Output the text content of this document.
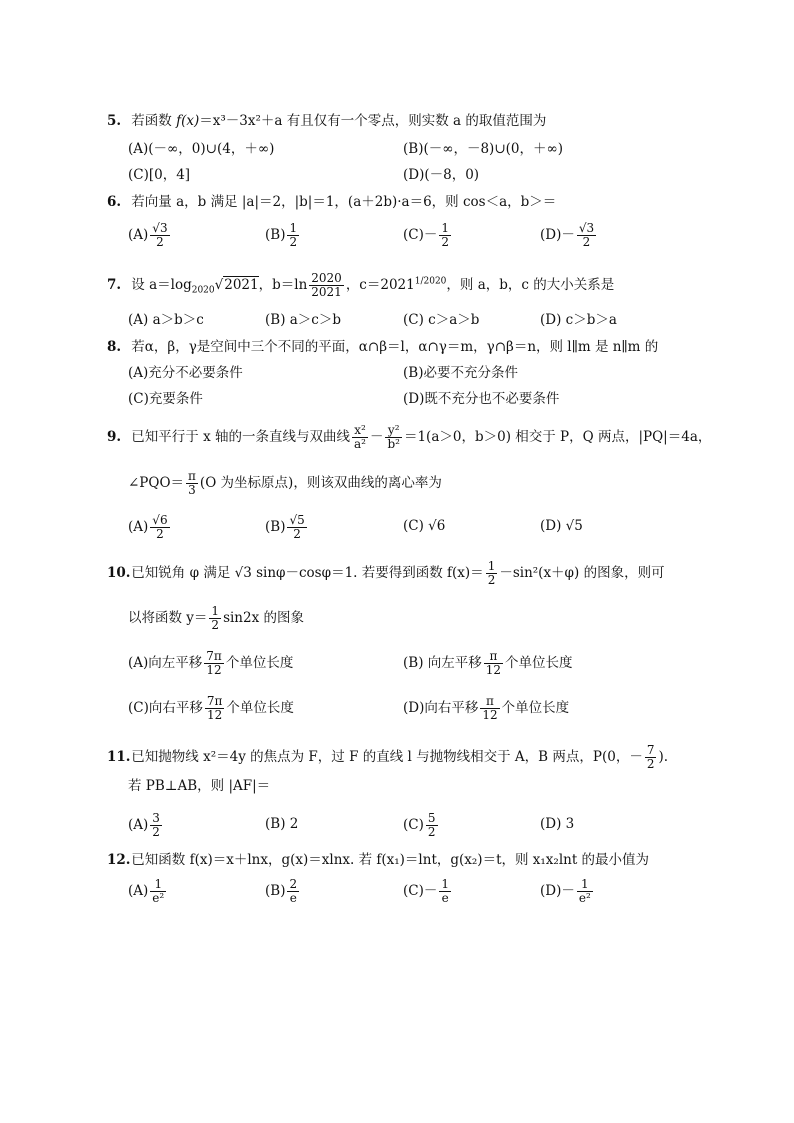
5. 若函数 f(x)＝x³－3x²＋a 有且仅有一个零点，则实数 a 的取值范围为
(A)(－∞，0)∪(4，＋∞)	(B)(－∞，－8)∪(0，＋∞)
(C)[0，4]	(D)(－8，0)
6. 若向量 a，b 满足 |a|＝2，|b|＝1，(a＋2b)·a＝6，则 cos＜a，b＞＝
$(A) \frac{√3}{2}$	$(B) \frac{1}{2}$	$(C)- \frac{1}{2}$	$(D)- \frac{√3}{2}$
7. 设 $a=\log_{2020}√2021$，$b=\ln \frac{2020}{2021}$ ，$c=2021^{1/2020}$，则 a，b，c 的大小关系是
(A) a＞b＞c	(B) a＞c＞b	(C) c＞a＞b	(D) c＞b＞a
8. 若α，β，γ是空间中三个不同的平面，α∩β＝l，α∩γ＝m，γ∩β＝n，则 l∥m 是 n∥m 的
(A)充分不必要条件	(B)必要不充分条件
(C)充要条件	(D)既不充分也不必要条件
9. 已知平行于 x 轴的一条直线与双曲线 $\frac{\text{x²}}{\text{a²}} - \frac{\text{y²}}{\text{b²}} =1(a>0$，b＞0) 相交于 P，Q 两点，|PQ|＝4a，
∠PQO＝ $\frac{\pi}{3} (O$ 为坐标原点)，则该双曲线的离心率为
$(A) \frac{√6}{2}$	$(B) \frac{√5}{2}$	(C) √6	(D) √5
10. 已知锐角 φ 满足 √3 sinφ－cosφ＝1. 若要得到函数 $f(x)= \frac{1}{2} -\sin^2(x+\varphi)$ 的图象，则可
以将函数 $y= \frac{1}{2} \sin 2x$ 的图象
(A)向左平移 $\frac{7\pi}{12}$ 个单位长度	(B) 向左平移 $\frac{\pi}{12}$ 个单位长度
(C)向右平移 $\frac{7\pi}{12}$ 个单位长度	(D)向右平移 $\frac{\pi}{12}$ 个单位长度
11. 已知抛物线 x²＝4y 的焦点为 F，过 F 的直线 l 与抛物线相交于 A，B 两点，P(0，－ $\frac{7}{2}$ ).
若 PB⊥AB，则 |AF|＝
$(A) \frac{3}{2}$	(B) 2	$(C) \frac{5}{2}$	(D) 3
12. 已知函数 f(x)＝x＋lnx，g(x)＝xlnx. 若 f(x₁)＝lnt，g(x₂)＝t，则 x₁x₂lnt 的最小值为
$(A) \frac{1}{\text{e²}}$	$(B) \frac{2}{e}$	$(C)- \frac{1}{e}$	$(D)- \frac{1}{\text{e²}}$
